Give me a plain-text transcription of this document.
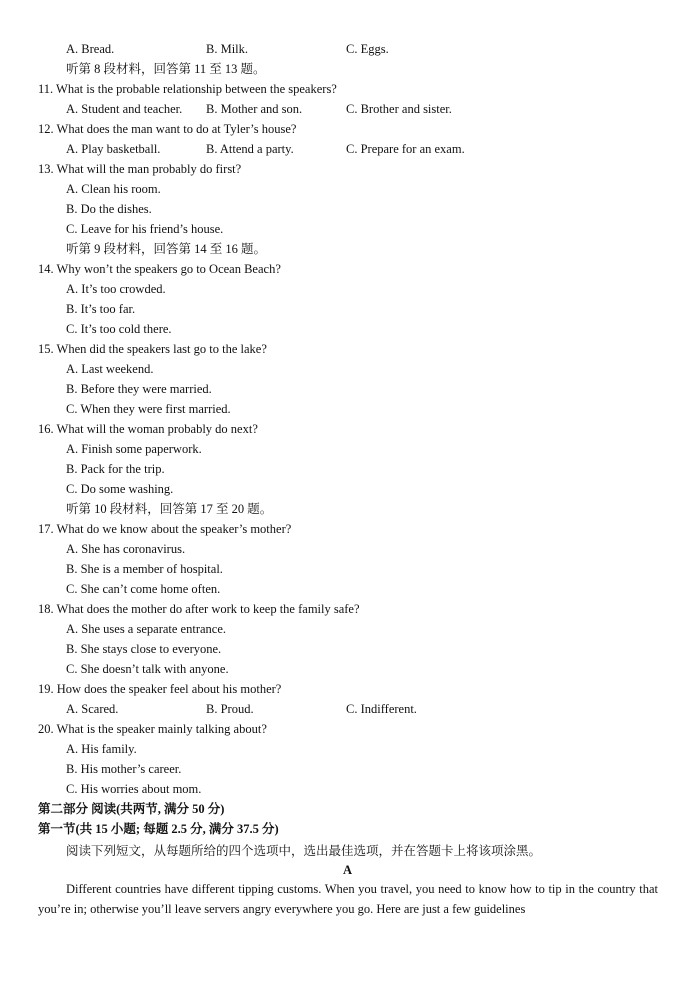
A. Bread.	B. Milk.	C. Eggs.
听第 8 段材料，回答第 11 至 13 题。
11. What is the probable relationship between the speakers?
A. Student and teacher. B. Mother and son.	C. Brother and sister.
12. What does the man want to do at Tyler’s house?
A. Play basketball.	B. Attend a party.	C. Prepare for an exam.
13. What will the man probably do first?
A. Clean his room.
B. Do the dishes.
C. Leave for his friend’s house.
听第 9 段材料，回答第 14 至 16 题。
14. Why won’t the speakers go to Ocean Beach?
A. It’s too crowded.
B. It’s too far.
C. It’s too cold there.
15. When did the speakers last go to the lake?
A. Last weekend.
B. Before they were married.
C. When they were first married.
16. What will the woman probably do next?
A. Finish some paperwork.
B. Pack for the trip.
C. Do some washing.
听第 10 段材料，回答第 17 至 20 题。
17. What do we know about the speaker’s mother?
A. She has coronavirus.
B. She is a member of hospital.
C. She can’t come home often.
18. What does the mother do after work to keep the family safe?
A. She uses a separate entrance.
B. She stays close to everyone.
C. She doesn’t talk with anyone.
19. How does the speaker feel about his mother?
A. Scared.	B. Proud.	C. Indifferent.
20. What is the speaker mainly talking about?
A. His family.
B. His mother’s career.
C. His worries about mom.
第二部分 阅读(共两节, 满分 50 分)
第一节(共 15 小题; 每题 2.5 分, 满分 37.5 分)
阅读下列短文，从每题所给的四个选项中，选出最佳选项，并在答题卡上将该项涂黑。
A
Different countries have different tipping customs. When you travel, you need to know how to tip in the country that you’re in; otherwise you’ll leave servers angry everywhere you go. Here are just a few guidelines
